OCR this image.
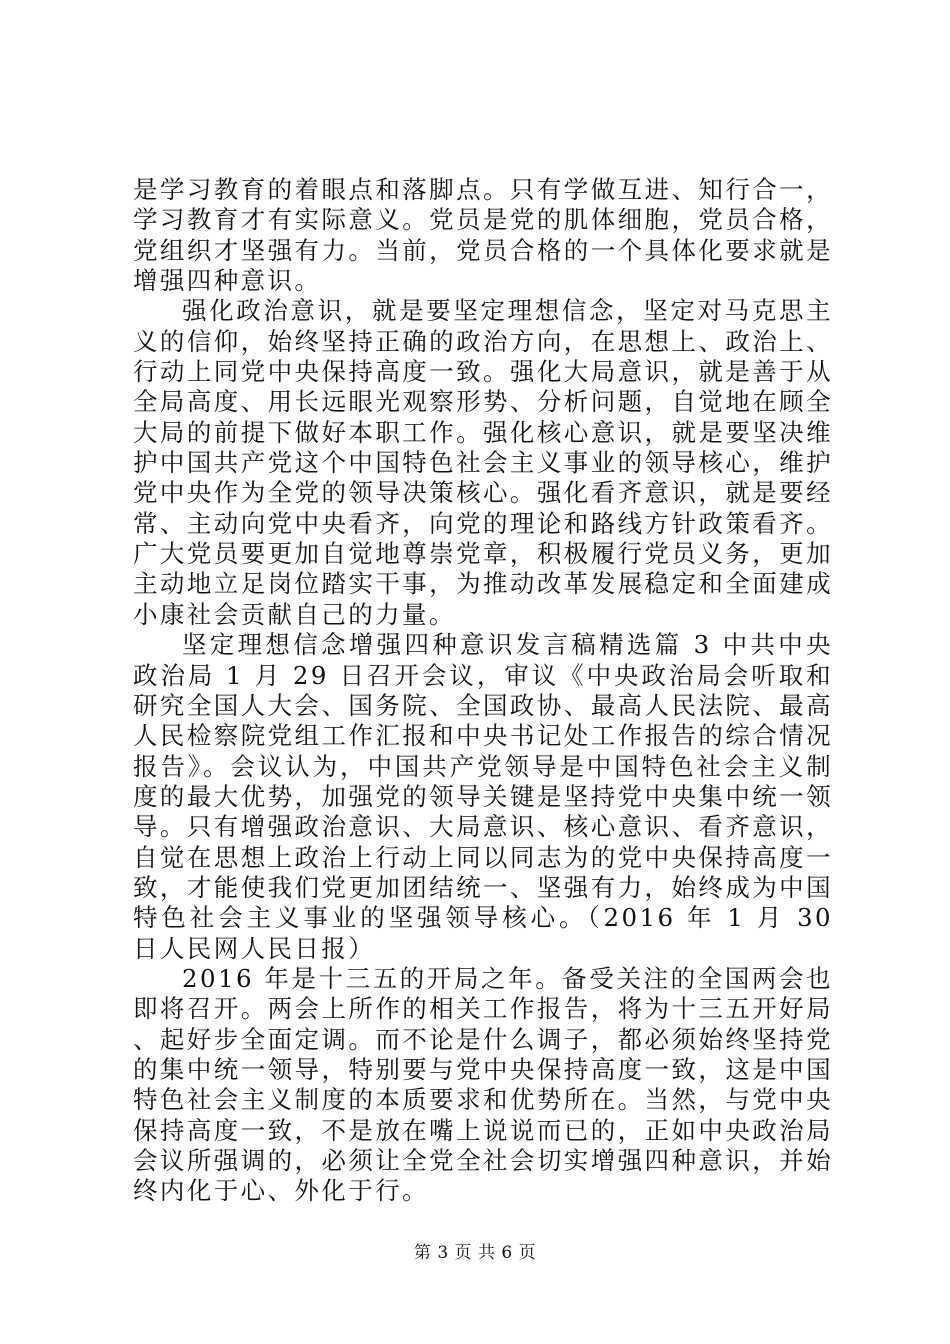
是学习教育的着眼点和落脚点。只有学做互进、知行合一，学习教育才有实际意义。党员是党的肌体细胞，党员合格，党组织才坚强有力。当前，党员合格的一个具体化要求就是增强四种意识。

强化政治意识，就是要坚定理想信念，坚定对马克思主义的信仰，始终坚持正确的政治方向，在思想上、政治上、行动上同党中央保持高度一致。强化大局意识，就是善于从全局高度、用长远眼光观察形势、分析问题，自觉地在顾全大局的前提下做好本职工作。强化核心意识，就是要坚决维护中国共产党这个中国特色社会主义事业的领导核心，维护党中央作为全党的领导决策核心。强化看齐意识，就是要经常、主动向党中央看齐，向党的理论和路线方针政策看齐。广大党员要更加自觉地尊崇党章，积极履行党员义务，更加主动地立足岗位踏实干事，为推动改革发展稳定和全面建成小康社会贡献自己的力量。

坚定理想信念增强四种意识发言稿精选篇 3 中共中央政治局 1 月 29 日召开会议，审议《中央政治局会听取和研究全国人大会、国务院、全国政协、最高人民法院、最高人民检察院党组工作汇报和中央书记处工作报告的综合情况报告》。会议认为，中国共产党领导是中国特色社会主义制度的最大优势，加强党的领导关键是坚持党中央集中统一领导。只有增强政治意识、大局意识、核心意识、看齐意识，自觉在思想上政治上行动上同以同志为的党中央保持高度一致，才能使我们党更加团结统一、坚强有力，始终成为中国特色社会主义事业的坚强领导核心。（2016 年 1 月 30 日人民网人民日报）

2016 年是十三五的开局之年。备受关注的全国两会也即将召开。两会上所作的相关工作报告，将为十三五开好局、起好步全面定调。而不论是什么调子，都必须始终坚持党的集中统一领导，特别要与党中央保持高度一致，这是中国特色社会主义制度的本质要求和优势所在。当然，与党中央保持高度一致，不是放在嘴上说说而已的，正如中央政治局会议所强调的，必须让全党全社会切实增强四种意识，并始终内化于心、外化于行。

第 3 页 共 6 页
